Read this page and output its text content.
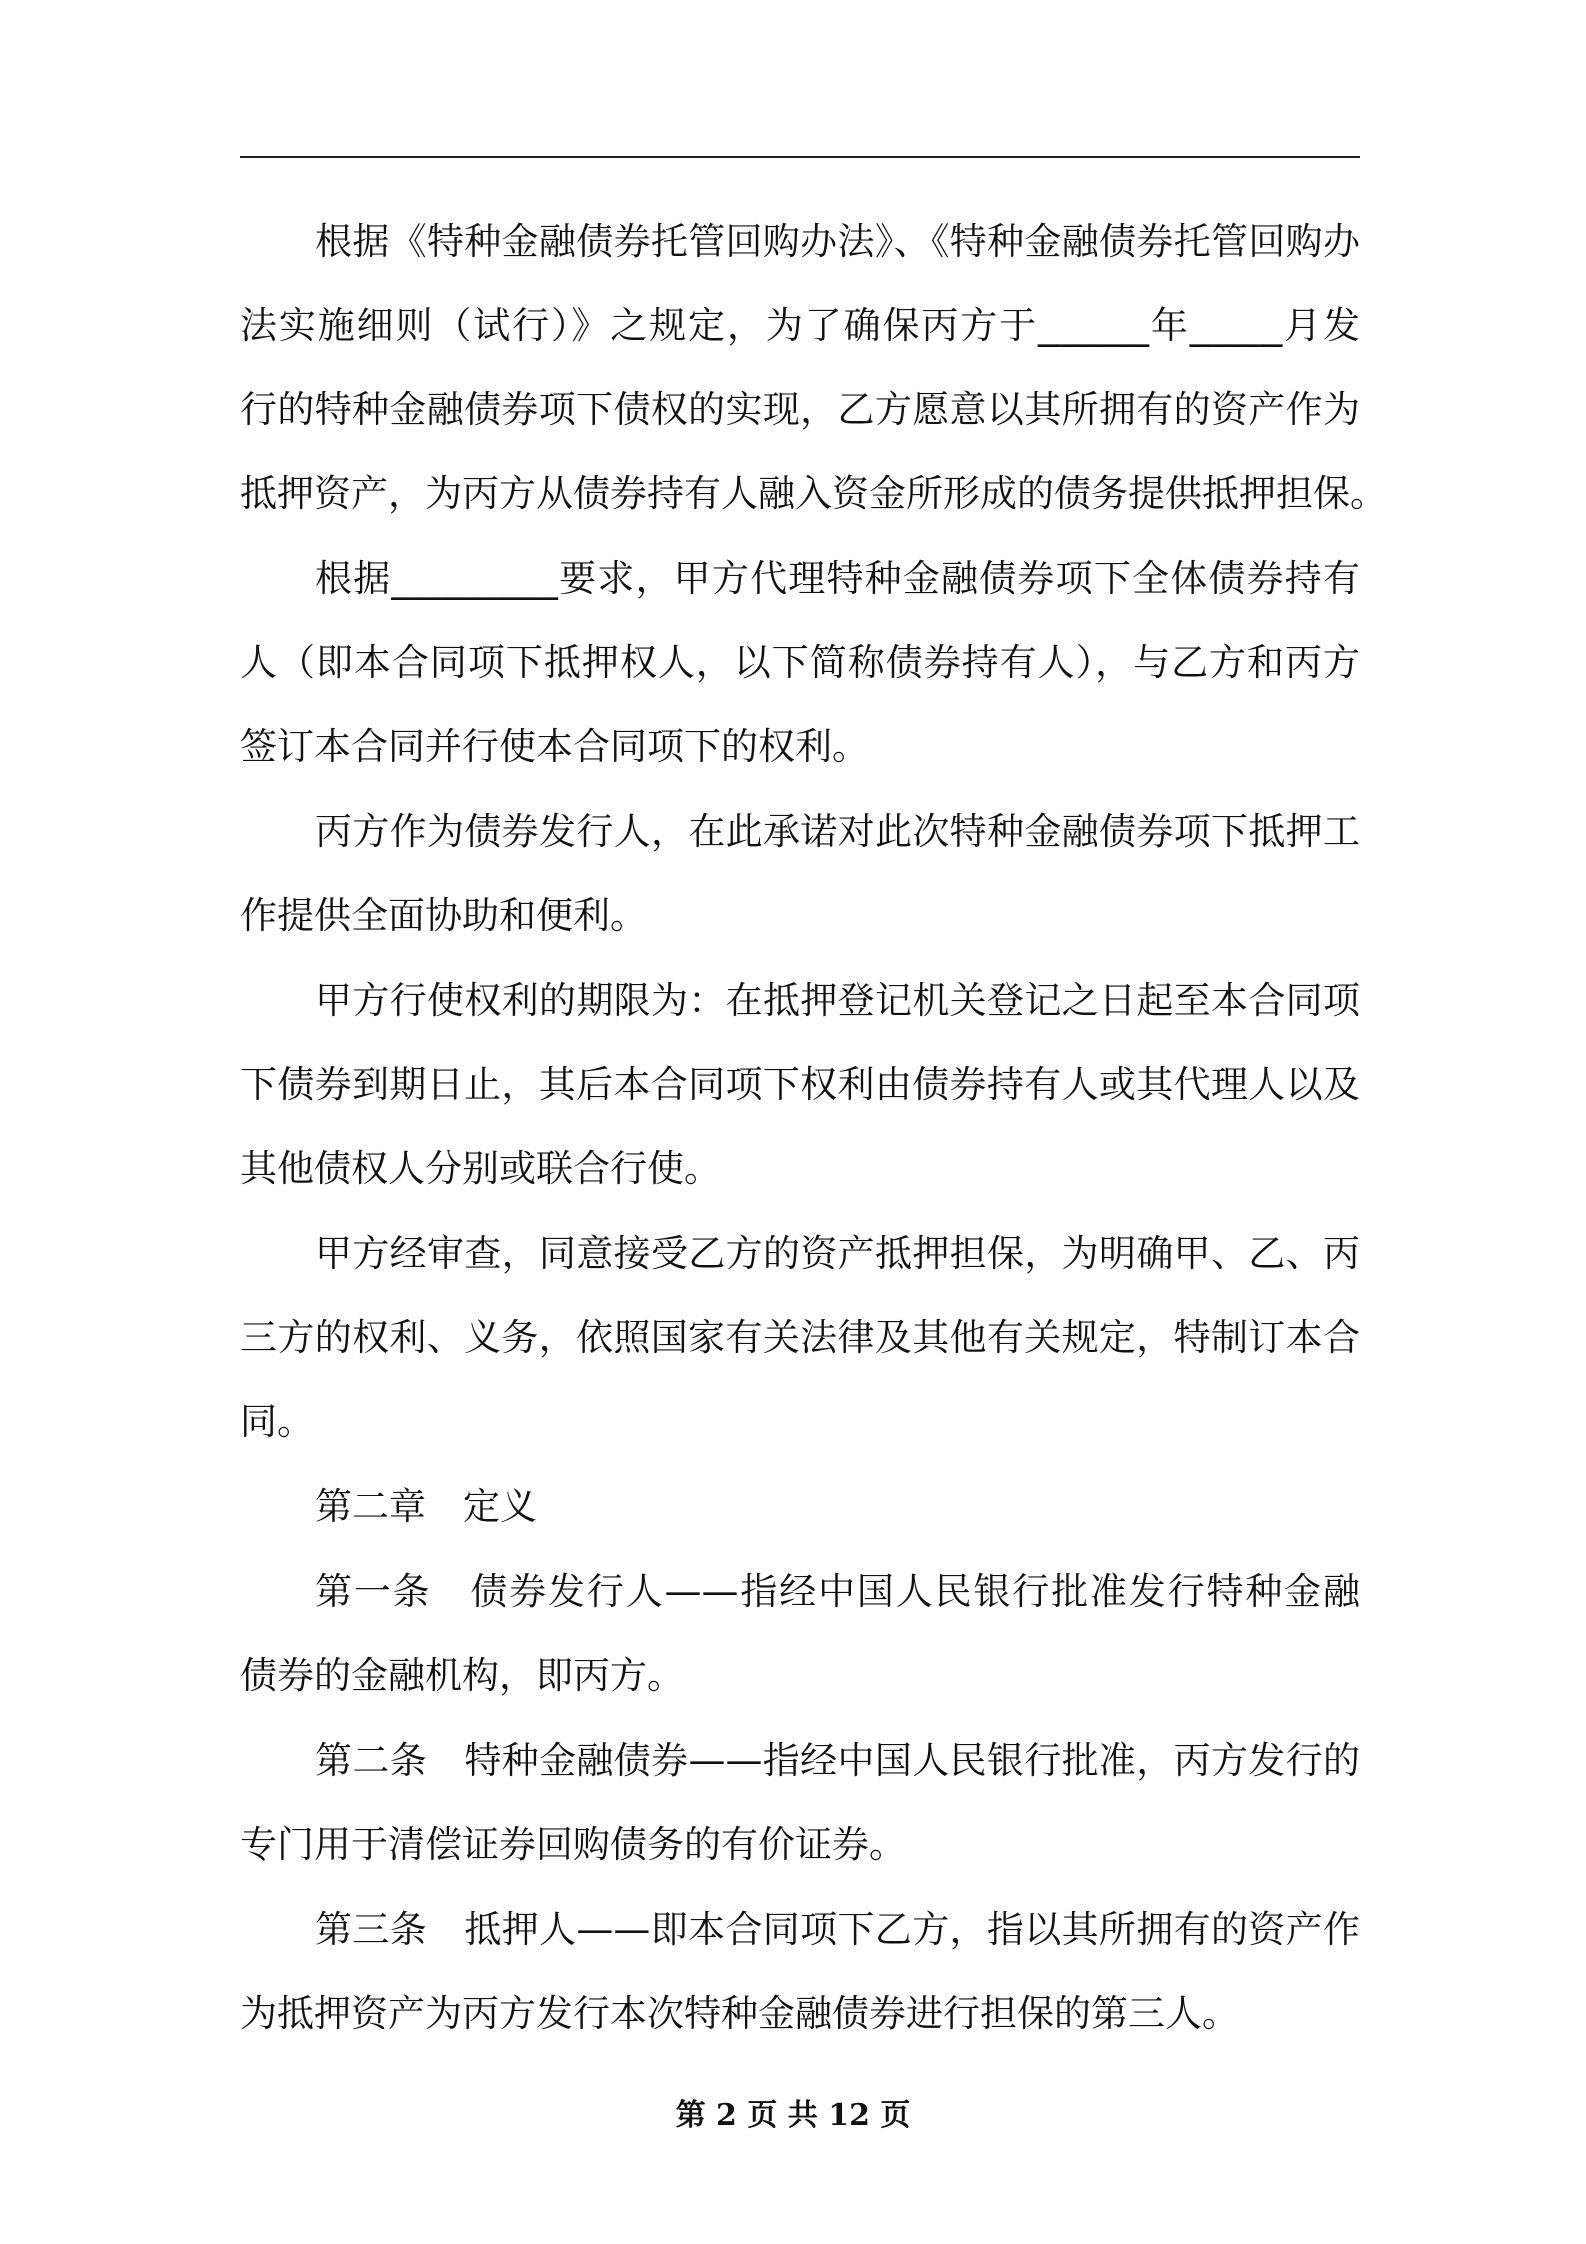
根据《特种金融债券托管回购办法》、《特种金融债券托管回购办
法实施细则（试行）》之规定，为了确保丙方于______年_____月发
行的特种金融债券项下债权的实现，乙方愿意以其所拥有的资产作为
抵押资产，为丙方从债券持有人融入资金所形成的债务提供抵押担保。

根据_________要求，甲方代理特种金融债券项下全体债券持有
人（即本合同项下抵押权人，以下简称债券持有人），与乙方和丙方
签订本合同并行使本合同项下的权利。

丙方作为债券发行人，在此承诺对此次特种金融债券项下抵押工
作提供全面协助和便利。

甲方行使权利的期限为：在抵押登记机关登记之日起至本合同项
下债券到期日止，其后本合同项下权利由债券持有人或其代理人以及
其他债权人分别或联合行使。

甲方经审查，同意接受乙方的资产抵押担保，为明确甲、乙、丙
三方的权利、义务，依照国家有关法律及其他有关规定，特制订本合
同。

第二章　定义

第一条　债券发行人——指经中国人民银行批准发行特种金融
债券的金融机构，即丙方。

第二条　特种金融债券——指经中国人民银行批准，丙方发行的
专门用于清偿证券回购债务的有价证券。

第三条　抵押人——即本合同项下乙方，指以其所拥有的资产作
为抵押资产为丙方发行本次特种金融债券进行担保的第三人。

第 2 页 共 12 页
